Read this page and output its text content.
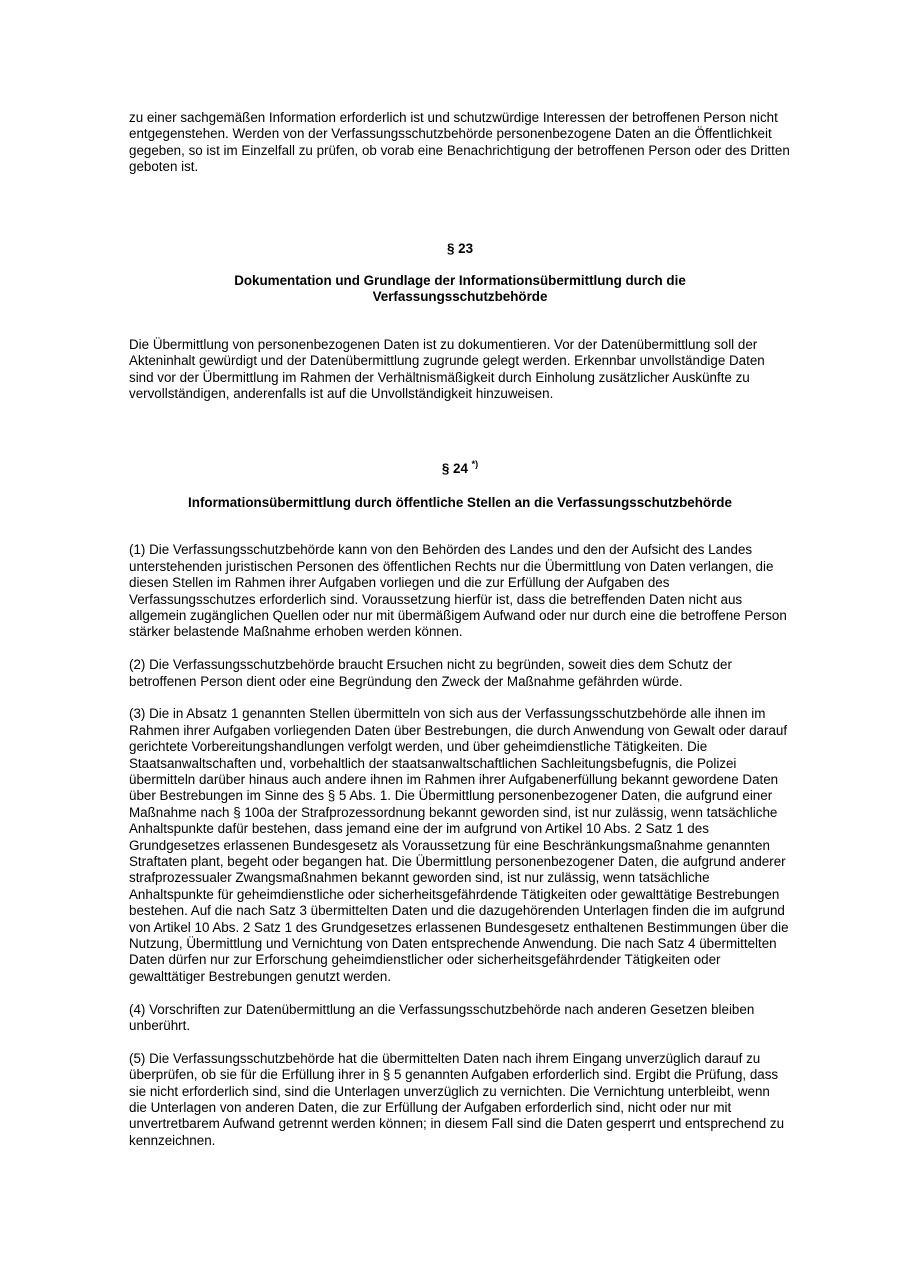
zu einer sachgemäßen Information erforderlich ist und schutzwürdige Interessen der betroffenen Person nicht entgegenstehen. Werden von der Verfassungsschutzbehörde personenbezogene Daten an die Öffentlichkeit gegeben, so ist im Einzelfall zu prüfen, ob vorab eine Benachrichtigung der betroffenen Person oder des Dritten geboten ist.

§ 23

Dokumentation und Grundlage der Informationsübermittlung durch die

Verfassungsschutzbehörde

Die Übermittlung von personenbezogenen Daten ist zu dokumentieren. Vor der Datenübermittlung soll der Akteninhalt gewürdigt und der Datenübermittlung zugrunde gelegt werden. Erkennbar unvollständige Daten sind vor der Übermittlung im Rahmen der Verhältnismäßigkeit durch Einholung zusätzlicher Auskünfte zu vervollständigen, anderenfalls ist auf die Unvollständigkeit hinzuweisen.

§ 24 *)

Informationsübermittlung durch öffentliche Stellen an die Verfassungsschutzbehörde

(1) Die Verfassungsschutzbehörde kann von den Behörden des Landes und den der Aufsicht des Landes unterstehenden juristischen Personen des öffentlichen Rechts nur die Übermittlung von Daten verlangen, die diesen Stellen im Rahmen ihrer Aufgaben vorliegen und die zur Erfüllung der Aufgaben des Verfassungsschutzes erforderlich sind. Voraussetzung hierfür ist, dass die betreffenden Daten nicht aus allgemein zugänglichen Quellen oder nur mit übermäßigem Aufwand oder nur durch eine die betroffene Person stärker belastende Maßnahme erhoben werden können.

(2) Die Verfassungsschutzbehörde braucht Ersuchen nicht zu begründen, soweit dies dem Schutz der betroffenen Person dient oder eine Begründung den Zweck der Maßnahme gefährden würde.

(3) Die in Absatz 1 genannten Stellen übermitteln von sich aus der Verfassungsschutzbehörde alle ihnen im Rahmen ihrer Aufgaben vorliegenden Daten über Bestrebungen, die durch Anwendung von Gewalt oder darauf gerichtete Vorbereitungshandlungen verfolgt werden, und über geheimdienstliche Tätigkeiten. Die Staatsanwaltschaften und, vorbehaltlich der staatsanwaltschaftlichen Sachleitungsbefugnis, die Polizei übermitteln darüber hinaus auch andere ihnen im Rahmen ihrer Aufgabenerfüllung bekannt gewordene Daten über Bestrebungen im Sinne des § 5 Abs. 1. Die Übermittlung personenbezogener Daten, die aufgrund einer Maßnahme nach § 100a der Strafprozessordnung bekannt geworden sind, ist nur zulässig, wenn tatsächliche Anhaltspunkte dafür bestehen, dass jemand eine der im aufgrund von Artikel 10 Abs. 2 Satz 1 des Grundgesetzes erlassenen Bundesgesetz als Voraussetzung für eine Beschränkungsmaßnahme genannten Straftaten plant, begeht oder begangen hat. Die Übermittlung personenbezogener Daten, die aufgrund anderer strafprozessualer Zwangsmaßnahmen bekannt geworden sind, ist nur zulässig, wenn tatsächliche Anhaltspunkte für geheimdienstliche oder sicherheitsgefährdende Tätigkeiten oder gewalttätige Bestrebungen bestehen. Auf die nach Satz 3 übermittelten Daten und die dazugehörenden Unterlagen finden die im aufgrund von Artikel 10 Abs. 2 Satz 1 des Grundgesetzes erlassenen Bundesgesetz enthaltenen Bestimmungen über die Nutzung, Übermittlung und Vernichtung von Daten entsprechende Anwendung. Die nach Satz 4 übermittelten Daten dürfen nur zur Erforschung geheimdienstlicher oder sicherheitsgefährdender Tätigkeiten oder gewalttätiger Bestrebungen genutzt werden.

(4) Vorschriften zur Datenübermittlung an die Verfassungsschutzbehörde nach anderen Gesetzen bleiben unberührt.

(5) Die Verfassungsschutzbehörde hat die übermittelten Daten nach ihrem Eingang unverzüglich darauf zu überprüfen, ob sie für die Erfüllung ihrer in § 5 genannten Aufgaben erforderlich sind. Ergibt die Prüfung, dass sie nicht erforderlich sind, sind die Unterlagen unverzüglich zu vernichten. Die Vernichtung unterbleibt, wenn die Unterlagen von anderen Daten, die zur Erfüllung der Aufgaben erforderlich sind, nicht oder nur mit unvertretbarem Aufwand getrennt werden können; in diesem Fall sind die Daten gesperrt und entsprechend zu kennzeichnen.
